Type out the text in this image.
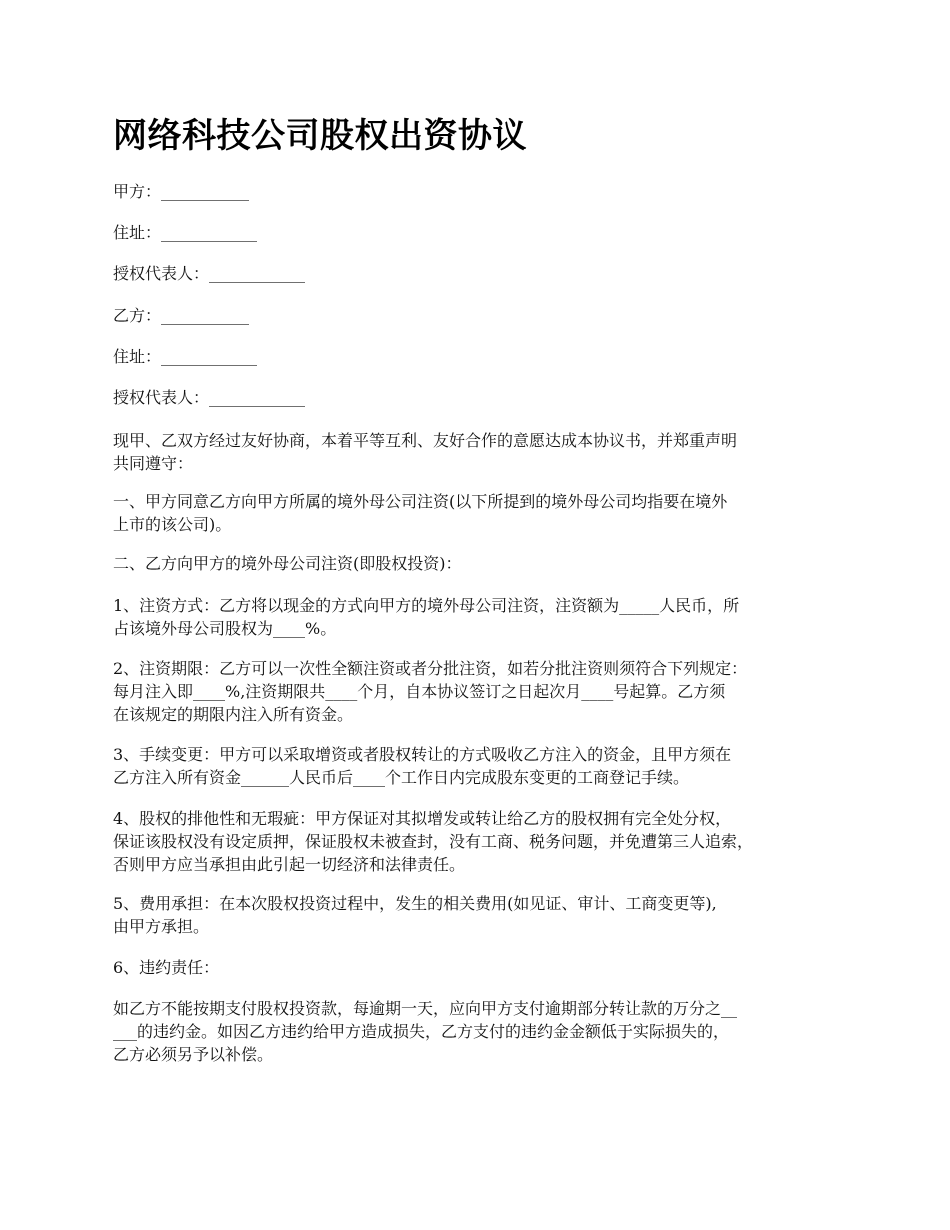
网络科技公司股权出资协议
甲方：___________
住址：____________
授权代表人：____________
乙方：___________
住址：____________
授权代表人：____________
现甲、乙双方经过友好协商，本着平等互利、友好合作的意愿达成本协议书，并郑重声明
共同遵守：
一、甲方同意乙方向甲方所属的境外母公司注资(以下所提到的境外母公司均指要在境外
上市的该公司)。
二、乙方向甲方的境外母公司注资(即股权投资)：
1、注资方式：乙方将以现金的方式向甲方的境外母公司注资，注资额为_____人民币，所
占该境外母公司股权为____%。
2、注资期限：乙方可以一次性全额注资或者分批注资，如若分批注资则须符合下列规定：
每月注入即____%,注资期限共____个月，自本协议签订之日起次月____号起算。乙方须
在该规定的期限内注入所有资金。
3、手续变更：甲方可以采取增资或者股权转让的方式吸收乙方注入的资金，且甲方须在
乙方注入所有资金______人民币后____个工作日内完成股东变更的工商登记手续。
4、股权的排他性和无瑕疵：甲方保证对其拟增发或转让给乙方的股权拥有完全处分权，
保证该股权没有设定质押，保证股权未被查封，没有工商、税务问题，并免遭第三人追索，
否则甲方应当承担由此引起一切经济和法律责任。
5、费用承担：在本次股权投资过程中，发生的相关费用(如见证、审计、工商变更等),
由甲方承担。
6、违约责任：
如乙方不能按期支付股权投资款，每逾期一天，应向甲方支付逾期部分转让款的万分之__
___的违约金。如因乙方违约给甲方造成损失，乙方支付的违约金金额低于实际损失的，
乙方必须另予以补偿。
